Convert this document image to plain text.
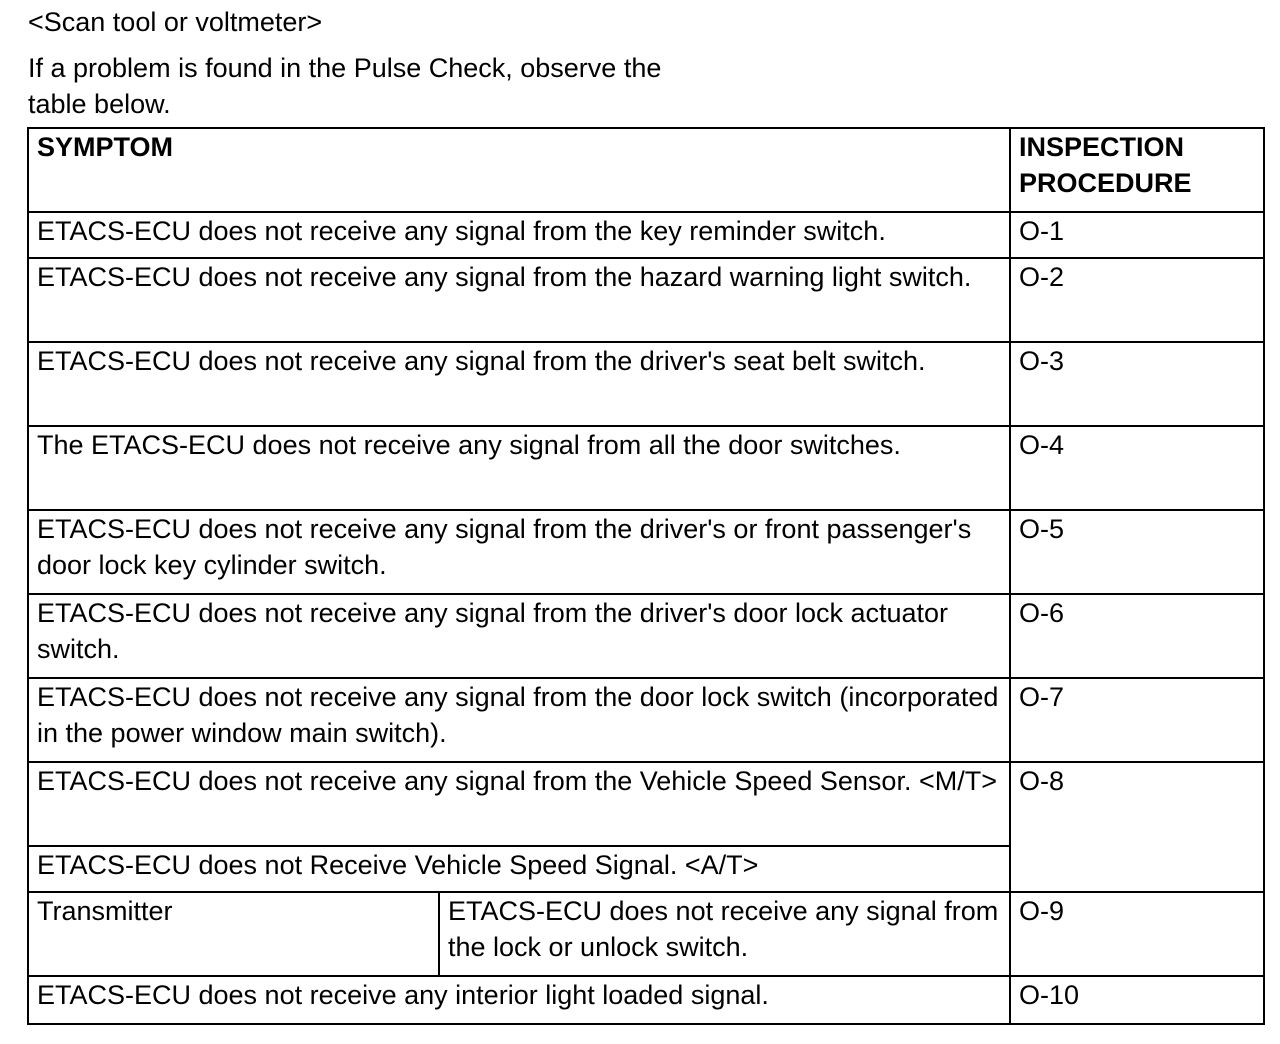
<Scan tool or voltmeter>
If a problem is found in the Pulse Check, observe the
table below.
SYMPTOM		INSPECTION
PROCEDURE
ETACS-ECU does not receive any signal from the key reminder switch.		O-1
ETACS-ECU does not receive any signal from the hazard warning light switch.		O-2
ETACS-ECU does not receive any signal from the driver's seat belt switch.		O-3
The ETACS-ECU does not receive any signal from all the door switches.		O-4
ETACS-ECU does not receive any signal from the driver's or front passenger's door lock key cylinder switch.		O-5
ETACS-ECU does not receive any signal from the driver's door lock actuator switch.		O-6
ETACS-ECU does not receive any signal from the door lock switch (incorporated in the power window main switch).		O-7
ETACS-ECU does not receive any signal from the Vehicle Speed Sensor. <M/T>		O-8
ETACS-ECU does not Receive Vehicle Speed Signal. <A/T>		
Transmitter	ETACS-ECU does not receive any signal from the lock or unlock switch.	O-9
ETACS-ECU does not receive any interior light loaded signal.		O-10
